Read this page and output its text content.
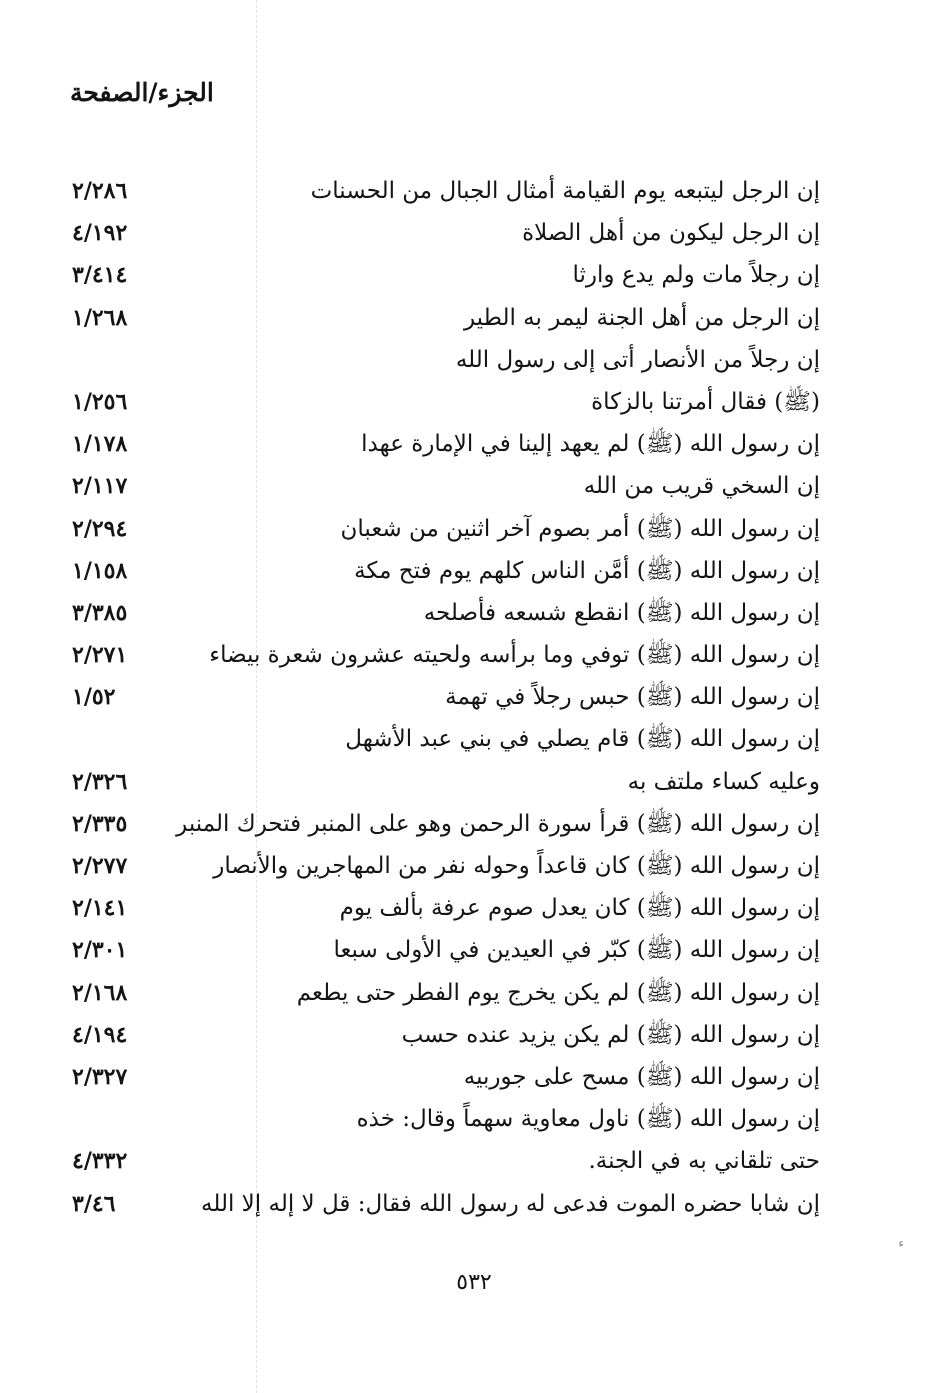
الجزء/الصفحة
إن الرجل ليتبعه يوم القيامة أمثال الجبال من الحسنات
٢/٢٨٦
إن الرجل ليكون من أهل الصلاة
٤/١٩٢
إن رجلاً مات ولم يدع وارثا
٣/٤١٤
إن الرجل من أهل الجنة ليمر به الطير
١/٢٦٨
إن رجلاً من الأنصار أتى إلى رسول الله
(ﷺ) فقال أمرتنا بالزكاة
١/٢٥٦
إن رسول الله (ﷺ) لم يعهد إلينا في الإمارة عهدا
١/١٧٨
إن السخي قريب من الله
٢/١١٧
إن رسول الله (ﷺ) أمر بصوم آخر اثنين من شعبان
٢/٢٩٤
إن رسول الله (ﷺ) أمَّن الناس كلهم يوم فتح مكة
١/١٥٨
إن رسول الله (ﷺ) انقطع شسعه فأصلحه
٣/٣٨٥
إن رسول الله (ﷺ) توفي وما برأسه ولحيته عشرون شعرة بيضاء
٢/٢٧١
إن رسول الله (ﷺ) حبس رجلاً في تهمة
١/٥٢
إن رسول الله (ﷺ) قام يصلي في بني عبد الأشهل
وعليه كساء ملتف به
٢/٣٢٦
إن رسول الله (ﷺ) قرأ سورة الرحمن وهو على المنبر فتحرك المنبر
٢/٣٣٥
إن رسول الله (ﷺ) كان قاعداً وحوله نفر من المهاجرين والأنصار
٢/٢٧٧
إن رسول الله (ﷺ) كان يعدل صوم عرفة بألف يوم
٢/١٤١
إن رسول الله (ﷺ) كبّر في العيدين في الأولى سبعا
٢/٣٠١
إن رسول الله (ﷺ) لم يكن يخرج يوم الفطر حتى يطعم
٢/١٦٨
إن رسول الله (ﷺ) لم يكن يزيد عنده حسب
٤/١٩٤
إن رسول الله (ﷺ) مسح على جوربيه
٢/٣٢٧
إن رسول الله (ﷺ) ناول معاوية سهماً وقال: خذه
حتى تلقاني به في الجنة.
٤/٣٣٢
إن شابا حضره الموت فدعى له رسول الله فقال: قل لا إله إلا الله
٣/٤٦
٥٣٢
ء
